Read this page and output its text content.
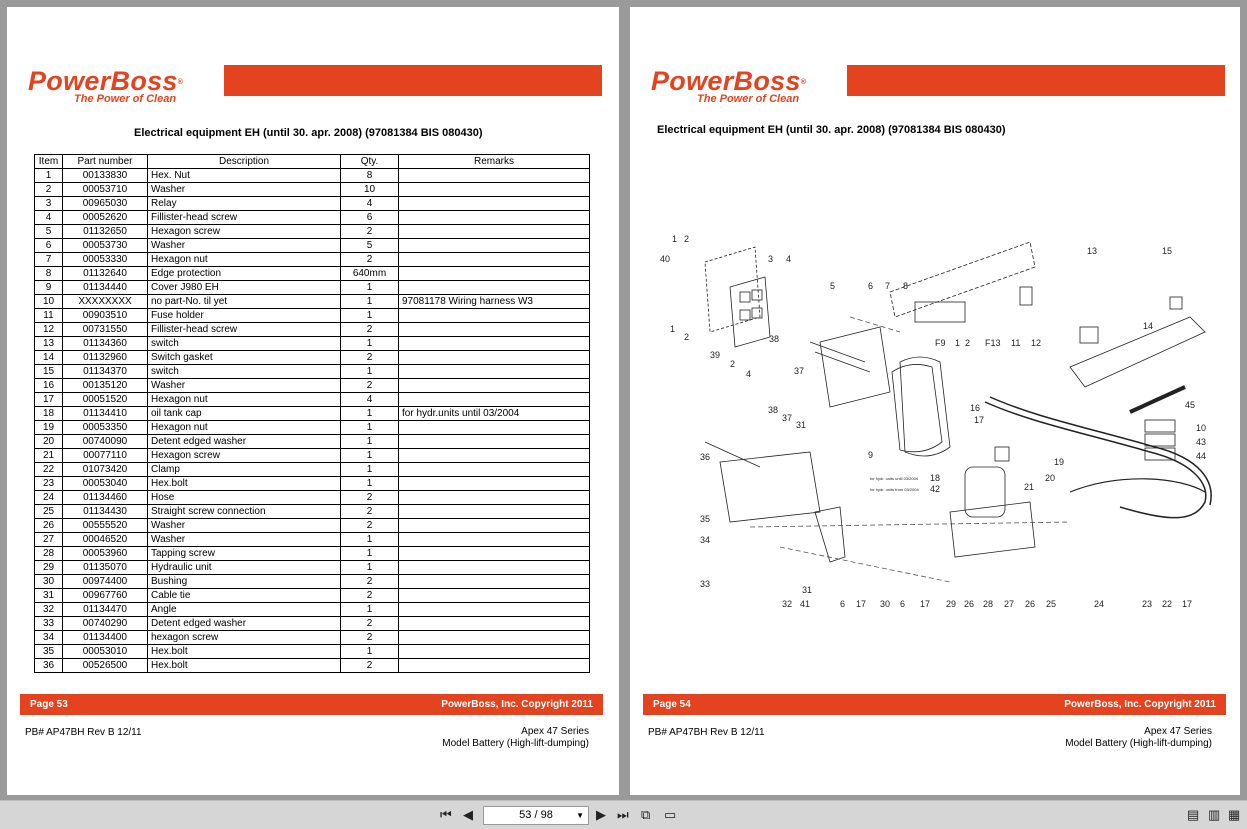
PowerBoss®
The Power of Clean
Electrical equipment EH (until 30. apr. 2008) (97081384 BIS 080430)
Item	Part number	Description	Qty.	Remarks
1	00133830	Hex. Nut	8	
2	00053710	Washer	10	
3	00965030	Relay	4	
4	00052620	Fillister-head screw	6	
5	01132650	Hexagon screw	2	
6	00053730	Washer	5	
7	00053330	Hexagon nut	2	
8	01132640	Edge protection	640mm	
9	01134440	Cover J980 EH	1	
10	XXXXXXXX	no part-No. til yet	1	97081178 Wiring harness W3
11	00903510	Fuse holder	1	
12	00731550	Fillister-head screw	2	
13	01134360	switch	1	
14	01132960	Switch gasket	2	
15	01134370	switch	1	
16	00135120	Washer	2	
17	00051520	Hexagon nut	4	
18	01134410	oil tank cap	1	for hydr.units until 03/2004
19	00053350	Hexagon nut	1	
20	00740090	Detent edged washer	1	
21	00077110	Hexagon screw	1	
22	01073420	Clamp	1	
23	00053040	Hex.bolt	1	
24	01134460	Hose	2	
25	01134430	Straight screw connection	2	
26	00555520	Washer	2	
27	00046520	Washer	1	
28	00053960	Tapping screw	1	
29	01135070	Hydraulic unit	1	
30	00974400	Bushing	2	
31	00967760	Cable tie	2	
32	01134470	Angle	1	
33	00740290	Detent edged washer	2	
34	01134400	hexagon screw	2	
35	00053010	Hex.bolt	1	
36	00526500	Hex.bolt	2	
Page 53	PowerBoss, Inc. Copyright 2011
PB# AP47BH Rev B 12/11	Apex 47 Series
Model Battery (High-lift-dumping)
PowerBoss®
The Power of Clean
Electrical equipment EH (until 30. apr. 2008) (97081384 BIS 080430)
1 2
40	3 4
5	6 7 8
13	15
14
1
2
39
38
2
4	37
F9 1 2 F13 11 12
45
38
37
31
16
17
10
43
44
36	9
19
20
21
35
34
33
31
32 41	6 17 30 6 17 29 26 28 27 26 25	24	23 22 17
for hydr. units until 03/2004
for hydr. units from 03/2004
18
42
Page 54	PowerBoss, Inc. Copyright 2011
PB# AP47BH Rev B 12/11	Apex 47 Series
Model Battery (High-lift-dumping)
⏮ ◀	53 / 98	▼ ▶ ⏭ ⧉ ▭	▤ ▥ ▦
